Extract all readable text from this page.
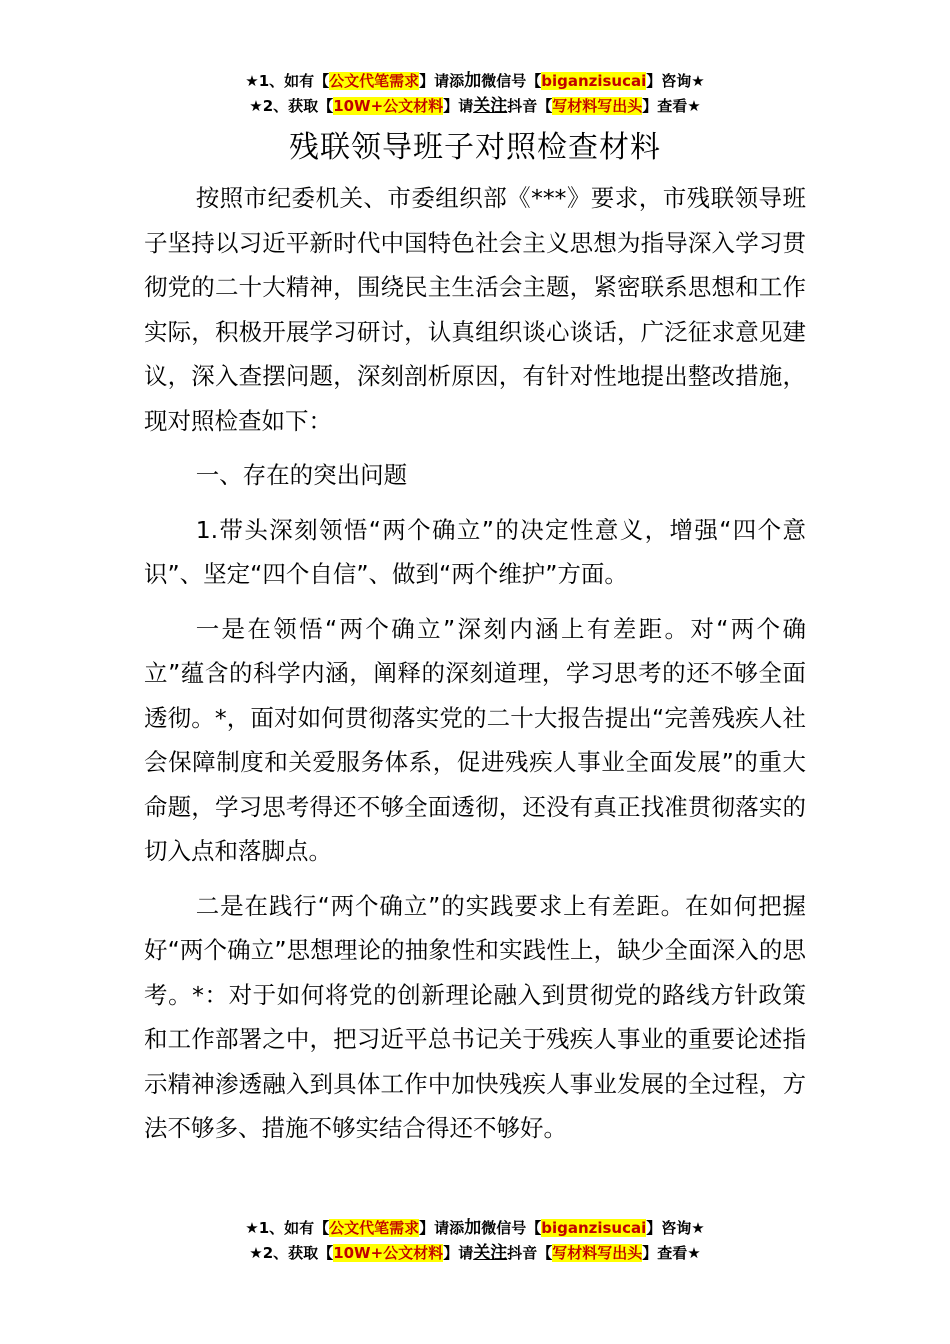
★1、如有【公文代笔需求】请添加微信号【biganzisucai】咨询★
★2、获取【10W+公文材料】请关注抖音【写材料写出头】查看★
残联领导班子对照检查材料

按照市纪委机关、市委组织部《***》要求，市残联领导班子坚持以习近平新时代中国特色社会主义思想为指导深入学习贯彻党的二十大精神，围绕民主生活会主题，紧密联系思想和工作实际，积极开展学习研讨，认真组织谈心谈话，广泛征求意见建议，深入查摆问题，深刻剖析原因，有针对性地提出整改措施，现对照检查如下：

一、存在的突出问题

1.带头深刻领悟“两个确立”的决定性意义，增强“四个意识”、坚定“四个自信”、做到“两个维护”方面。

一是在领悟“两个确立”深刻内涵上有差距。对“两个确立”蕴含的科学内涵，阐释的深刻道理，学习思考的还不够全面透彻。*，面对如何贯彻落实党的二十大报告提出“完善残疾人社会保障制度和关爱服务体系，促进残疾人事业全面发展”的重大命题，学习思考得还不够全面透彻，还没有真正找准贯彻落实的切入点和落脚点。

二是在践行“两个确立”的实践要求上有差距。在如何把握好“两个确立”思想理论的抽象性和实践性上，缺少全面深入的思考。*：对于如何将党的创新理论融入到贯彻党的路线方针政策和工作部署之中，把习近平总书记关于残疾人事业的重要论述指示精神渗透融入到具体工作中加快残疾人事业发展的全过程，方法不够多、措施不够实结合得还不够好。

★1、如有【公文代笔需求】请添加微信号【biganzisucai】咨询★
★2、获取【10W+公文材料】请关注抖音【写材料写出头】查看★
